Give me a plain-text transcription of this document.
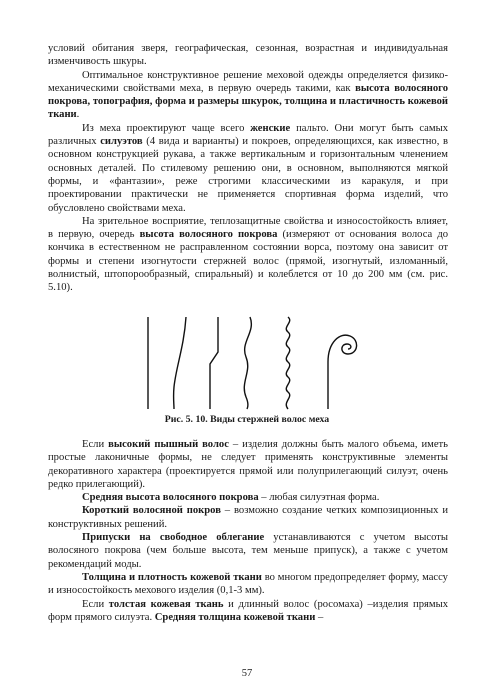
условий обитания зверя, географическая, сезонная, возрастная и индивидуальная изменчивость шкуры.

Оптимальное конструктивное решение меховой одежды определяется физико-механическими свойствами меха, в первую очередь такими, как высота волосяного покрова, топография, форма и размеры шкурок, толщина и пластичность кожевой ткани.

Из меха проектируют чаще всего женские пальто. Они могут быть самых различных силуэтов (4 вида и варианты) и покроев, определяющихся, как известно, в основном конструкцией рукава, а также вертикальным и горизонтальным членением основных деталей. По стилевому решению они, в основном, выполняются мягкой формы, и «фантазии», реже строгими классическими из каракуля, и при проектировании практически не применяется спортивная форма изделий, что обусловлено свойствами меха.

На зрительное восприятие, теплозащитные свойства и износостойкость влияет, в первую, очередь высота волосяного покрова (измеряют от основания волоса до кончика в естественном не расправленном состоянии ворса, поэтому она зависит от формы и степени изогнутости стержней волос (прямой, изогнутый, изломанный, волнистый, штопорообразный, спиральный) и колеблется от 10 до 200 мм (см. рис. 5.10).

Рис. 5. 10. Виды стержней волос меха

Если высокий пышный волос – изделия должны быть малого объема, иметь простые лаконичные формы, не следует применять конструктивные элементы декоративного характера (проектируется прямой или полуприлегающий силуэт, очень редко прилегающий).

Средняя высота волосяного покрова – любая силуэтная форма.

Короткий волосяной покров – возможно создание четких композиционных и конструктивных решений.

Припуски на свободное облегание устанавливаются с учетом высоты волосяного покрова (чем больше высота, тем меньше припуск), а также с учетом рекомендаций моды.

Толщина и плотность кожевой ткани во многом предопределяет форму, массу и износостойкость мехового изделия (0,1-3 мм).

Если толстая кожевая ткань и длинный волос (росомаха) –изделия прямых форм прямого силуэта. Средняя толщина кожевой ткани –

57
